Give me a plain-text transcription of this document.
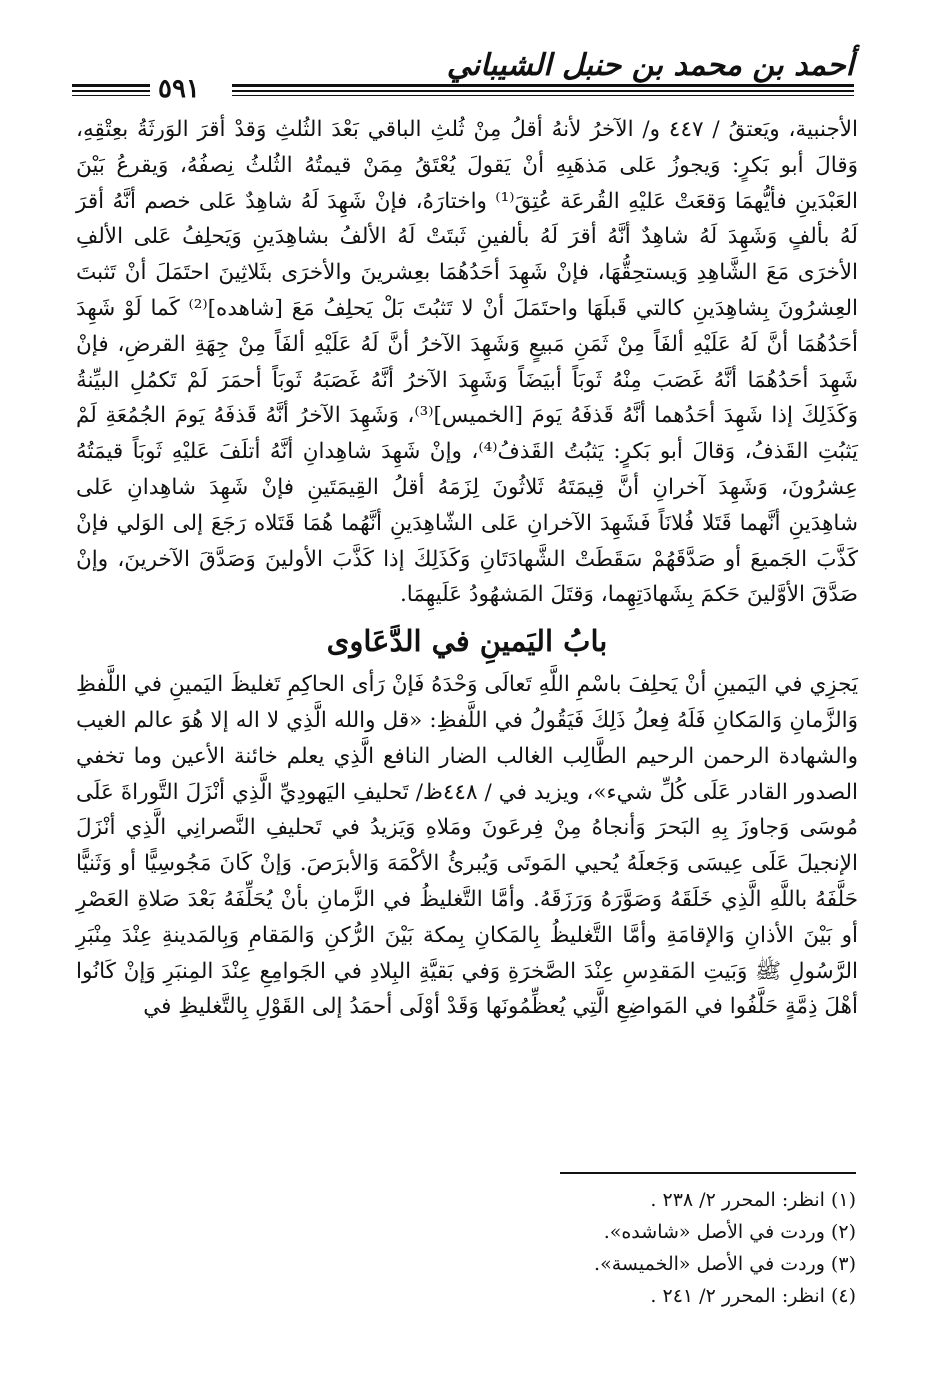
أحمد بن محمد بن حنبل الشيباني
٥٩١

الأجنبية، ويَعتقُ / ٤٤٧ و/ الآخرُ لأنهُ أقلُ مِنْ ثُلثِ الباقي بَعْدَ الثُلثِ وَقدْ أقرَ الوَرثَةُ بعِتْقِهِ، وَقالَ أبو بَكرٍ: وَيجوزُ عَلى مَذهَبِهِ أنْ يَقولَ يُعْتَقُ مِمَنْ قيمتُهُ الثُلثُ نِصفُهُ، وَيقرعُ بَيْنَ العَبْدَينِ فأيُّهمَا وَقعَتْ عَليْهِ القُرعَة عُتِقَ⁽¹⁾ واختارَهُ، فإنْ شَهِدَ لَهُ شاهِدٌ عَلى خصم أنَّهُ أقرَ لَهُ بألفٍ وَشَهِدَ لَهُ شاهِدٌ أنَّهُ أقرَ لَهُ بألفينِ ثَبتَتْ لَهُ الألفُ بشاهِدَينِ وَيَحلِفُ عَلى الألفِ الأخرَى مَعَ الشَّاهِدِ وَيستحِقُّهَا، فإنْ شَهِدَ أحَدُهُمَا بعِشرينَ والأخرَى بثَلاثِينَ احتَمَلَ أنْ تَثبتَ العِشرُونَ بِشاهِدَينِ كالتي قَبلَهَا واحتَمَلَ أنْ لا تَثبُتَ بَلْ يَحلِفُ مَعَ [شاهده]⁽²⁾ كَما لَوْ شَهِدَ أحَدُهُمَا أنَّ لَهُ عَلَيْهِ ألفَاً مِنْ ثَمَنِ مَبيعٍ وَشَهِدَ الآخرُ أنَّ لَهُ عَلَيْهِ ألفَاً مِنْ جِهَةِ القرضِ، فإنْ شَهِدَ أحَدُهُمَا أنَّهُ غَصَبَ مِنْهُ ثَوبَاً أبيَضَاً وَشَهِدَ الآخرُ أنَّهُ غَصَبَهُ ثَوبَاً أحمَرَ لَمْ تَكمُلِ البيِّنةُ وَكَذَلِكَ إذا شَهِدَ أحَدُهما أنَّهُ قَذفَهُ يَومَ [الخميس]⁽³⁾، وَشَهِدَ الآخرُ أنَّهُ قَذفَهُ يَومَ الجُمُعَةِ لَمْ يَثبُتِ القَذفُ، وَقالَ أبو بَكرٍ: يَثبُتُ القَذفُ⁽⁴⁾، وإنْ شَهِدَ شاهِدانِ أنَّهُ أتلَفَ عَليْهِ ثَوبَاً قيمَتُهُ عِشرُونَ، وَشَهِدَ آخرانِ أنَّ قِيمَتَهُ ثَلاثُونَ لِزَمَهُ أقلُ القِيمَتَينِ فإنْ شَهِدَ شاهِدانِ عَلى شاهِدَينِ أنَّهما قَتَلا فُلانَاً فَشَهِدَ الآخرانِ عَلى الشّاهِدَينِ أنَّهُما هُمَا قَتَلاه رَجَعَ إلى الوَلي فإنْ كَذَّبَ الجَميعَ أو صَدَّقَهُمْ سَقَطَتْ الشَّهادَتَانِ وَكَذَلِكَ إذا كَذَّبَ الأولينَ وَصَدَّقَ الآخرينَ، وإنْ صَدَّقَ الأوَّلينَ حَكمَ بِشَهادَتِهِما، وَقتَلَ المَشهُودُ عَلَيهِمَا.

بابُ اليَمينِ في الدَّعَاوى

يَجزِي في اليَمينِ أنْ يَحلِفَ باسْمِ اللَّهِ تَعالَى وَحْدَهُ فَإنْ رَأى الحاكِمِ تَغليظَ اليَمينِ في اللَّفظِ وَالزَّمانِ وَالمَكانِ فَلَهُ فِعلُ ذَلِكَ فَيَقُولُ في اللَّفظِ: «قل والله الَّذِي لا اله إلا هُوَ عالم الغيب والشهادة الرحمن الرحيم الطَّالِب الغالب الضار النافع الَّذِي يعلم خائنة الأعين وما تخفي الصدور القادر عَلَى كُلِّ شيء»، ويزيد في / ٤٤٨ظ/ تَحليفِ اليَهودِيِّ الَّذِي أنْزَلَ التَّوراةَ عَلَى مُوسَى وَجاوزَ بِهِ البَحرَ وَأنجاهُ مِنْ فِرعَونَ ومَلاهِ وَيَزيدُ في تَحليفِ النَّصرانِي الَّذِي أنْزَلَ الإنجيلَ عَلَى عِيسَى وَجَعلَهُ يُحيي المَوتَى وَيُبرئُ الأكْمَهَ وَالأبرَصَ. وَإنْ كَانَ مَجُوسِيًّا أو وَثَنيًّا حَلَّفَهُ باللَّهِ الَّذِي خَلَقَهُ وَصَوَّرَهُ وَرَزَقَهُ. وأمَّا التَّغليظُ في الزَّمانِ بأنْ يُحَلِّفَهُ بَعْدَ صَلاةِ العَصْرِ أو بَيْنَ الأذانِ وَالإقامَةِ وأمَّا التَّغليظُ بِالمَكانِ بِمكة بَيْنَ الرُّكنِ وَالمَقامِ وَبِالمَدينةِ عِنْدَ مِنْبَرِ الرَّسُولِ ﷺ وَبَيتِ المَقدِسِ عِنْدَ الصَّخرَةِ وَفي بَقيَّةِ البِلادِ في الجَوامِعِ عِنْدَ المِنبَرِ وَإنْ كَانُوا أهْلَ ذِمَّةٍ حَلَّفُوا في المَواضِعِ الَّتِي يُعظِّمُونَها وَقَدْ أوْلَى أحمَدُ إلى القَوْلِ بِالتَّغليظِ في

(١) انظر: المحرر ٢/ ٢٣٨ .
(٢) وردت في الأصل «شاشده».
(٣) وردت في الأصل «الخميسة».
(٤) انظر: المحرر ٢/ ٢٤١ .
